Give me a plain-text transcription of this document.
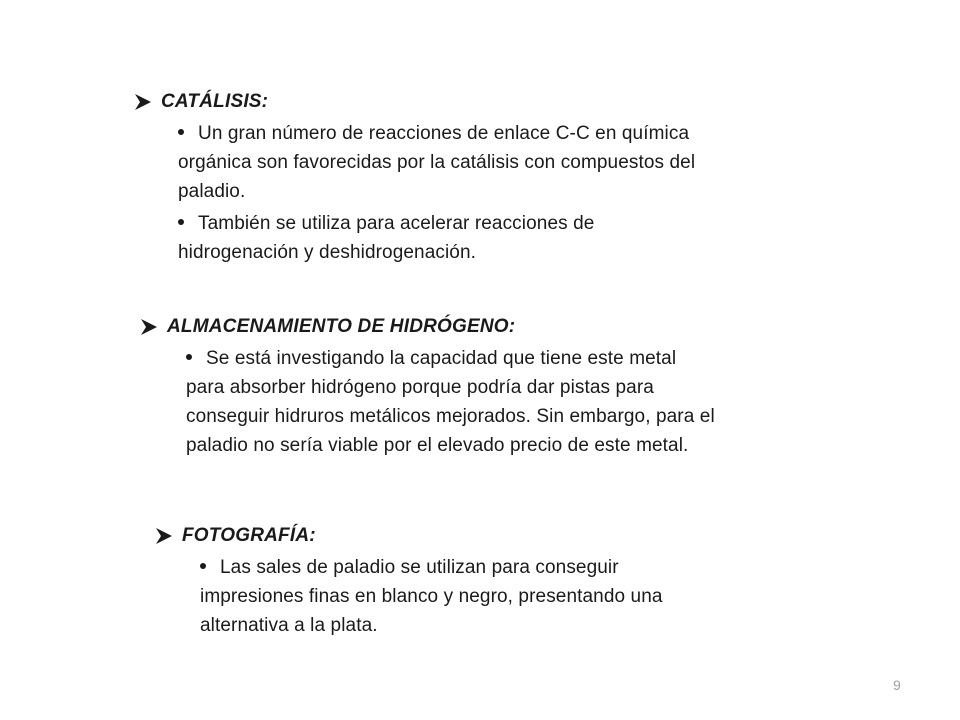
CATÁLISIS:
Un gran número de reacciones de enlace C-C en química orgánica son favorecidas por la catálisis con compuestos del paladio.
También se utiliza para acelerar reacciones de hidrogenación y deshidrogenación.
ALMACENAMIENTO DE HIDRÓGENO:
Se está investigando la capacidad que tiene este metal para absorber hidrógeno porque podría dar pistas para conseguir hidruros metálicos mejorados. Sin embargo, para el paladio no sería viable por el elevado precio de este metal.
FOTOGRAFÍA:
Las sales de paladio se utilizan para conseguir impresiones finas en blanco y negro, presentando una alternativa a la plata.
9
